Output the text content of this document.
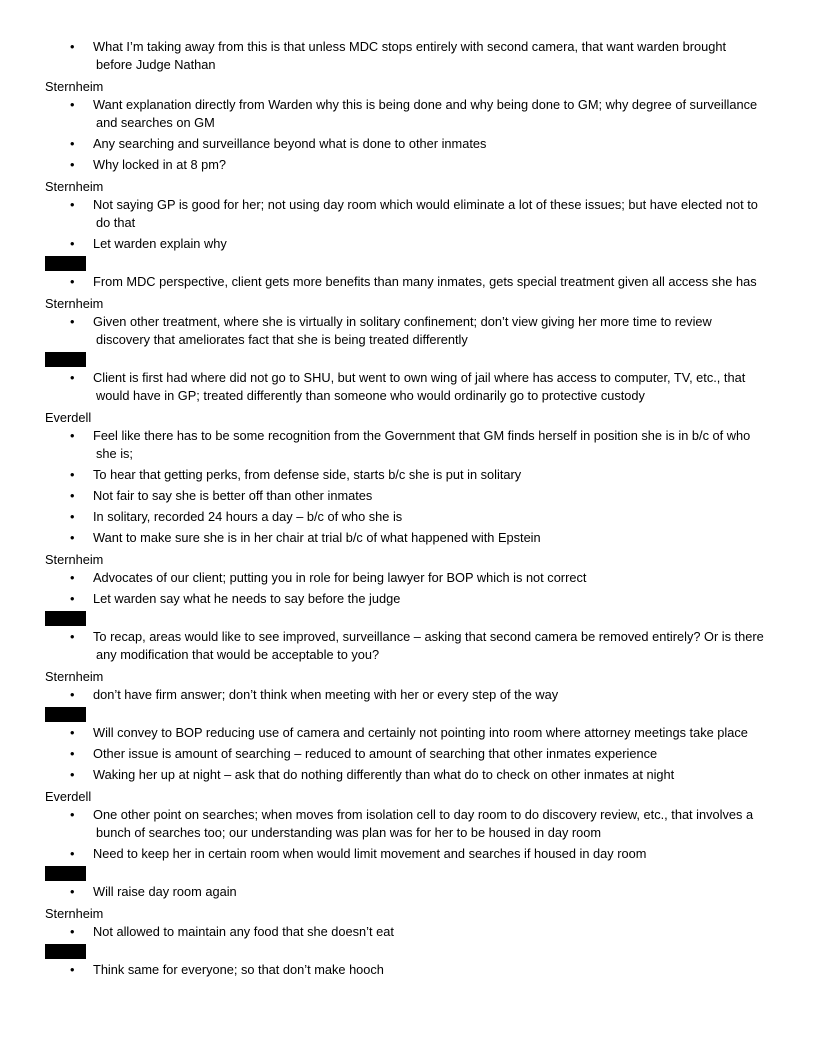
• What I’m taking away from this is that unless MDC stops entirely with second camera, that want warden brought before Judge Nathan
Sternheim
• Want explanation directly from Warden why this is being done and why being done to GM; why degree of surveillance and searches on GM
• Any searching and surveillance beyond what is done to other inmates
• Why locked in at 8 pm?
Sternheim
• Not saying GP is good for her; not using day room which would eliminate a lot of these issues; but have elected not to do that
• Let warden explain why
• From MDC perspective, client gets more benefits than many inmates, gets special treatment given all access she has
Sternheim
• Given other treatment, where she is virtually in solitary confinement; don’t view giving her more time to review discovery that ameliorates fact that she is being treated differently
• Client is first had where did not go to SHU, but went to own wing of jail where has access to computer, TV, etc., that would have in GP; treated differently than someone who would ordinarily go to protective custody
Everdell
• Feel like there has to be some recognition from the Government that GM finds herself in position she is in b/c of who she is;
• To hear that getting perks, from defense side, starts b/c she is put in solitary
• Not fair to say she is better off than other inmates
• In solitary, recorded 24 hours a day – b/c of who she is
• Want to make sure she is in her chair at trial b/c of what happened with Epstein
Sternheim
• Advocates of our client; putting you in role for being lawyer for BOP which is not correct
• Let warden say what he needs to say before the judge
• To recap, areas would like to see improved, surveillance – asking that second camera be removed entirely? Or is there any modification that would be acceptable to you?
Sternheim
• don’t have firm answer; don’t think when meeting with her or every step of the way
• Will convey to BOP reducing use of camera and certainly not pointing into room where attorney meetings take place
• Other issue is amount of searching – reduced to amount of searching that other inmates experience
• Waking her up at night – ask that do nothing differently than what do to check on other inmates at night
Everdell
• One other point on searches; when moves from isolation cell to day room to do discovery review, etc., that involves a bunch of searches too; our understanding was plan was for her to be housed in day room
• Need to keep her in certain room when would limit movement and searches if housed in day room
• Will raise day room again
Sternheim
• Not allowed to maintain any food that she doesn’t eat
• Think same for everyone; so that don’t make hooch
